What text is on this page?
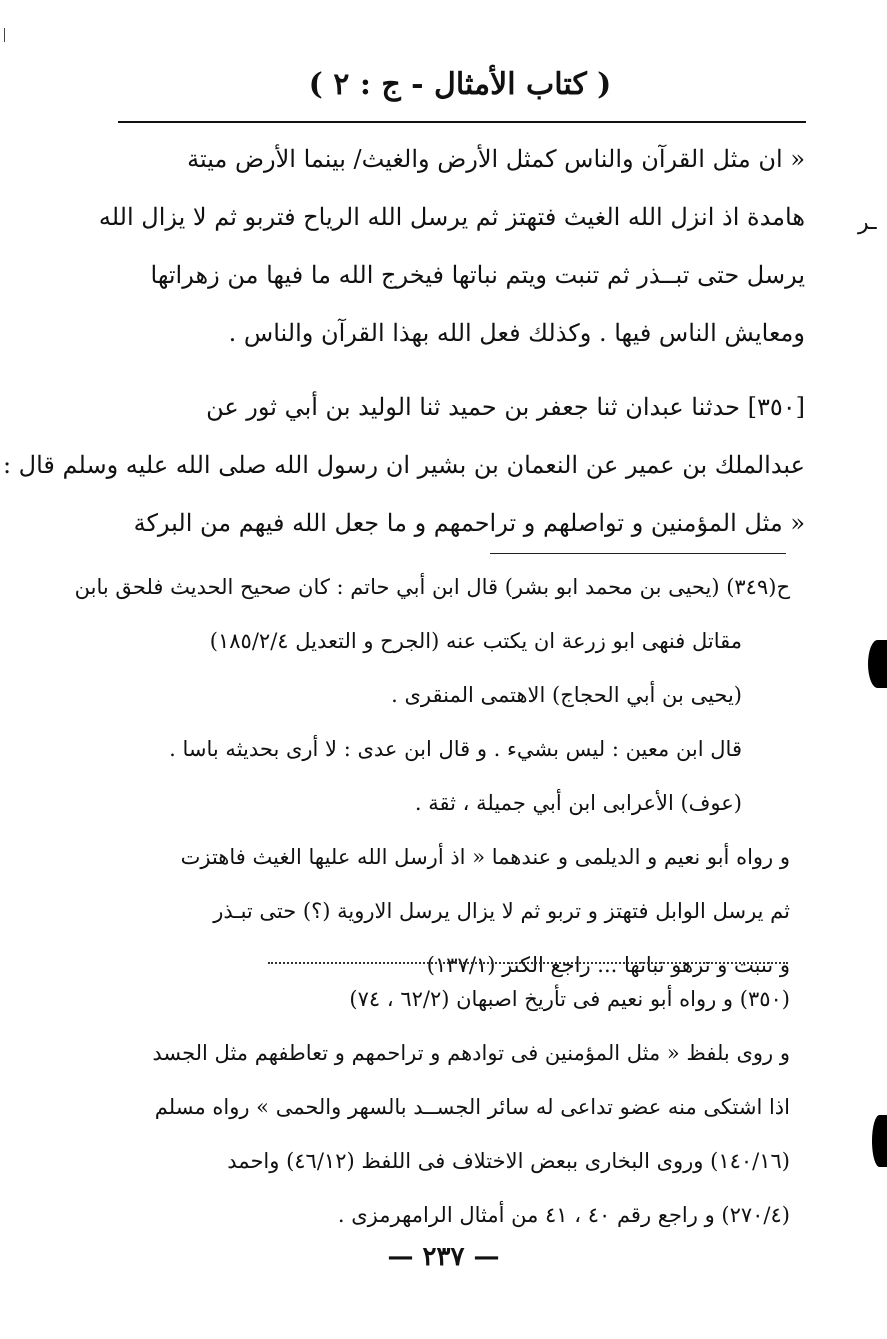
( كتاب الأمثال - ج : ٢ )
« ان مثل القرآن والناس كمثل الأرض والغيث/ بينما الأرض ميتة
هامدة اذ انزل الله الغيث فتهتز ثم يرسل الله الرياح فتربو ثم لا يزال الله
يرسل حتى تبــذر ثم تنبت ويتم نباتها فيخرج الله ما فيها من زهراتها
ومعايش الناس فيها . وكذلك فعل الله بهذا القرآن والناس .
[٣٥٠] حدثنا عبدان ثنا جعفر بن حميد ثنا الوليد بن أبي ثور عن
عبدالملك بن عمير عن النعمان بن بشير ان رسول الله صلى الله عليه وسلم قال :
« مثل المؤمنين و تواصلهم و تراحمهم و ما جعل الله فيهم من البركة
ـر
ح(٣٤٩) (يحيى بن محمد ابو بشر) قال ابن أبي حاتم : كان صحيح الحديث فلحق بابن
مقاتل فنهى ابو زرعة ان يكتب عنه (الجرح و التعديل ١٨٥/٢/٤)
(يحيى بن أبي الحجاج) الاهتمى المنقرى .
قال ابن معين : ليس بشيء . و قال ابن عدى : لا أرى بحديثه باسا .
(عوف) الأعرابى ابن أبي جميلة ، ثقة .
و رواه أبو نعيم و الديلمى و عندهما « اذ أرسل الله عليها الغيث فاهتزت
ثم يرسل الوابل فتهتز و تربو ثم لا يزال يرسل الاروية (؟) حتى تبـذر
و تنبت و تزهو نباتها ... راجع الكنز (١٣٧/١)
(٣٥٠) و رواه أبو نعيم فى تأريخ اصبهان (٦٢/٢ ، ٧٤)
و روى بلفظ « مثل المؤمنين فى توادهم و تراحمهم و تعاطفهم مثل الجسد
اذا اشتكى منه عضو تداعى له سائر الجســد بالسهر والحمى » رواه مسلم
(١٤٠/١٦) وروى البخارى ببعض الاختلاف فى اللفظ (٤٦/١٢) واحمد
(٢٧٠/٤) و راجع رقم ٤٠ ، ٤١ من أمثال الرامهرمزى .
— ٢٣٧ —
